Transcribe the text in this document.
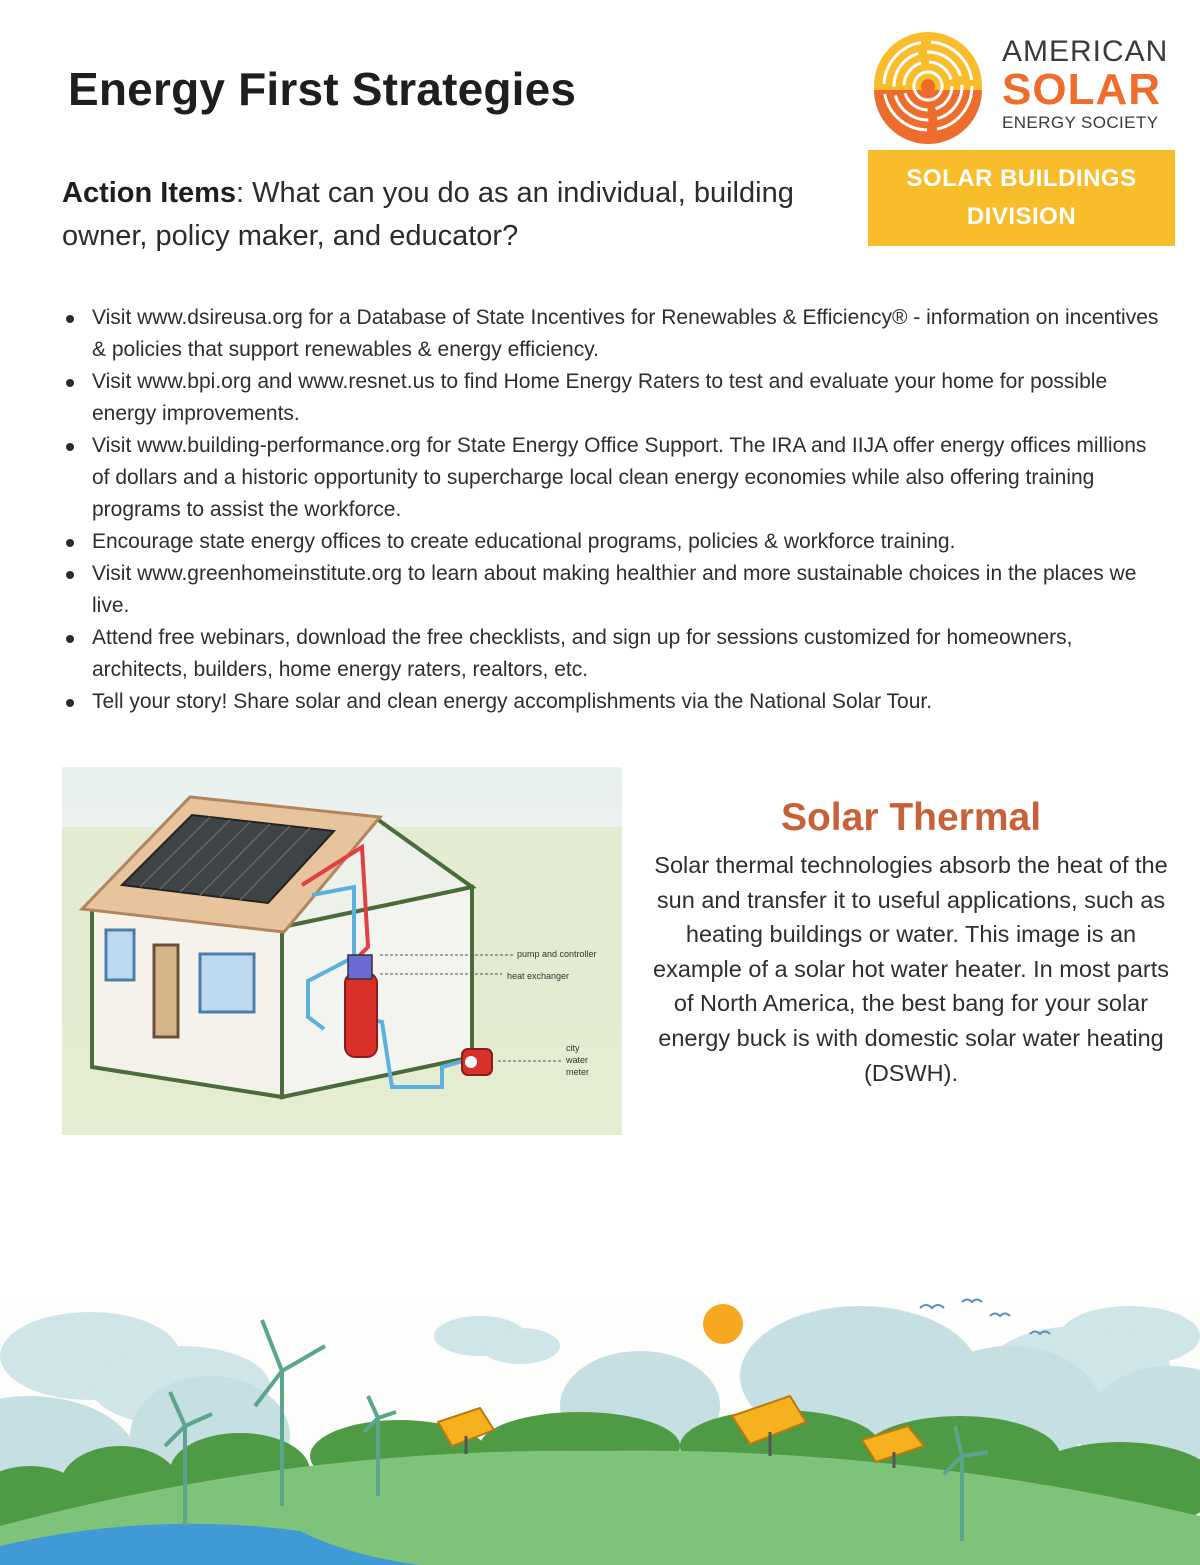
Energy First Strategies

Action Items: What can you do as an individual, building owner, policy maker, and educator?

AMERICAN
SOLAR
ENERGY SOCIETY
SOLAR BUILDINGS
DIVISION
Visit www.dsireusa.org for a Database of State Incentives for Renewables & Efficiency® - information on incentives & policies that support renewables & energy efficiency.
Visit www.bpi.org and www.resnet.us to find Home Energy Raters to test and evaluate your home for possible energy improvements.
Visit www.building-performance.org for State Energy Office Support. The IRA and IIJA offer energy offices millions of dollars and a historic opportunity to supercharge local clean energy economies while also offering training programs to assist the workforce.
Encourage state energy offices to create educational programs, policies & workforce training.
Visit www.greenhomeinstitute.org to learn about making healthier and more sustainable choices in the places we live.
Attend free webinars, download the free checklists, and sign up for sessions customized for homeowners, architects, builders, home energy raters, realtors, etc.
Tell your story! Share solar and clean energy accomplishments via the National Solar Tour.
pump and controller
heat exchanger
city
water
meter
Solar Thermal

Solar thermal technologies absorb the heat of the sun and transfer it to useful applications, such as heating buildings or water. This image is an example of a solar hot water heater. In most parts of North America, the best bang for your solar energy buck is with domestic solar water heating (DSWH).
